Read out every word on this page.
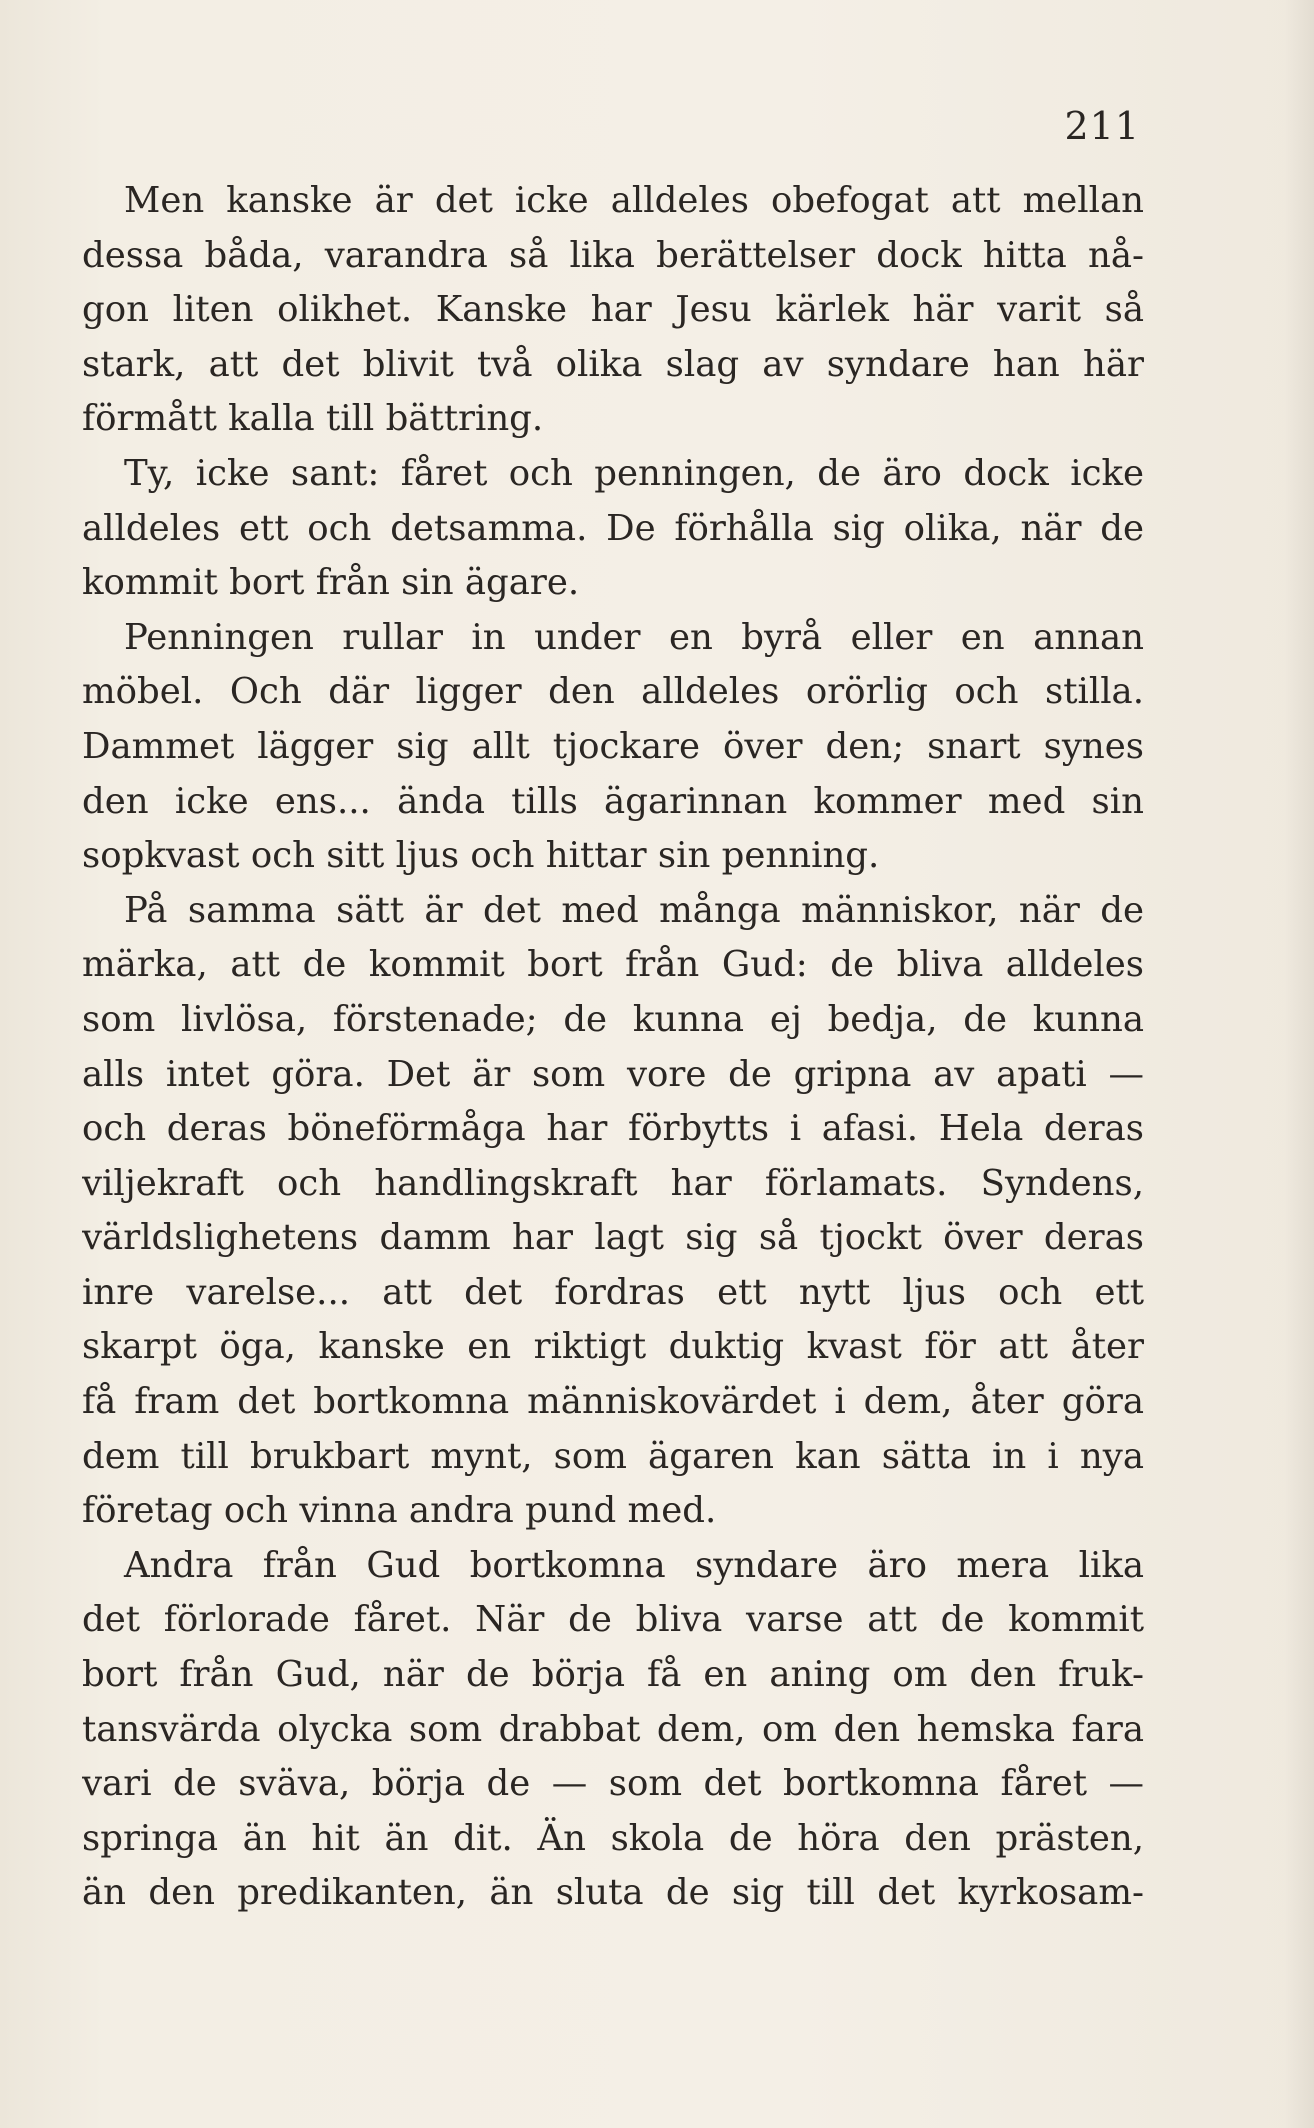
211
Men kanske är det icke alldeles obefogat att mellan
dessa båda, varandra så lika berättelser dock hitta nå-
gon liten olikhet. Kanske har Jesu kärlek här varit så
stark, att det blivit två olika slag av syndare han här
förmått kalla till bättring.
Ty, icke sant: fåret och penningen, de äro dock icke
alldeles ett och detsamma. De förhålla sig olika, när de
kommit bort från sin ägare.
Penningen rullar in under en byrå eller en annan
möbel. Och där ligger den alldeles orörlig och stilla.
Dammet lägger sig allt tjockare över den; snart synes
den icke ens... ända tills ägarinnan kommer med sin
sopkvast och sitt ljus och hittar sin penning.
På samma sätt är det med många människor, när de
märka, att de kommit bort från Gud: de bliva alldeles
som livlösa, förstenade; de kunna ej bedja, de kunna
alls intet göra. Det är som vore de gripna av apati —
och deras böneförmåga har förbytts i afasi. Hela deras
viljekraft och handlingskraft har förlamats. Syndens,
världslighetens damm har lagt sig så tjockt över deras
inre varelse... att det fordras ett nytt ljus och ett
skarpt öga, kanske en riktigt duktig kvast för att åter
få fram det bortkomna människovärdet i dem, åter göra
dem till brukbart mynt, som ägaren kan sätta in i nya
företag och vinna andra pund med.
Andra från Gud bortkomna syndare äro mera lika
det förlorade fåret. När de bliva varse att de kommit
bort från Gud, när de börja få en aning om den fruk-
tansvärda olycka som drabbat dem, om den hemska fara
vari de sväva, börja de — som det bortkomna fåret —
springa än hit än dit. Än skola de höra den prästen,
än den predikanten, än sluta de sig till det kyrkosam-
